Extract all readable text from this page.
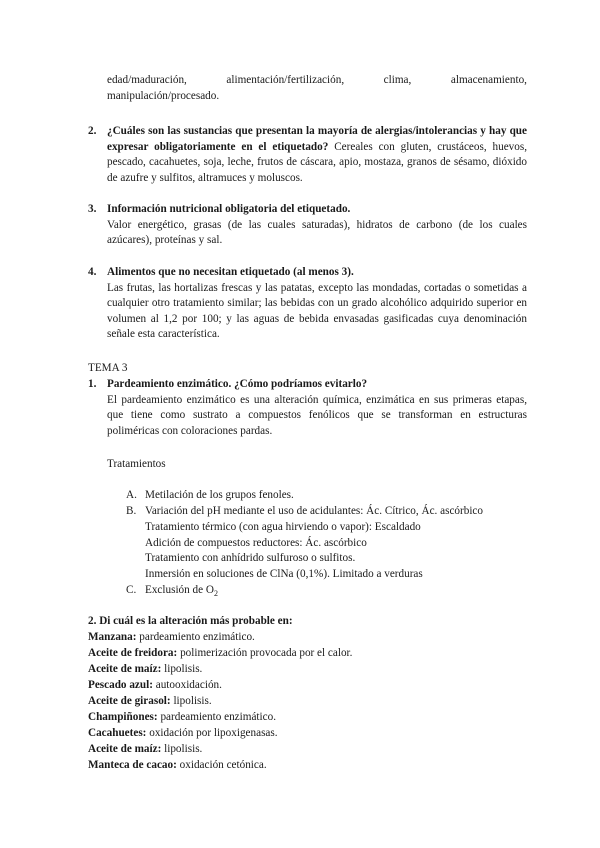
edad/maduración,	alimentación/fertilización,	clima,	almacenamiento,
manipulación/procesado.
2. ¿Cuáles son las sustancias que presentan la mayoría de alergias/intolerancias y hay que expresar obligatoriamente en el etiquetado? Cereales con gluten, crustáceos, huevos, pescado, cacahuetes, soja, leche, frutos de cáscara, apio, mostaza, granos de sésamo, dióxido de azufre y sulfitos, altramuces y moluscos.
3. Información nutricional obligatoria del etiquetado.
Valor energético, grasas (de las cuales saturadas), hidratos de carbono (de los cuales azúcares), proteínas y sal.
4. Alimentos que no necesitan etiquetado (al menos 3).
Las frutas, las hortalizas frescas y las patatas, excepto las mondadas, cortadas o sometidas a cualquier otro tratamiento similar; las bebidas con un grado alcohólico adquirido superior en volumen al 1,2 por 100; y las aguas de bebida envasadas gasificadas cuya denominación señale esta característica.
TEMA 3
1. Pardeamiento enzimático. ¿Cómo podríamos evitarlo?
El pardeamiento enzimático es una alteración química, enzimática en sus primeras etapas, que tiene como sustrato a compuestos fenólicos que se transforman en estructuras poliméricas con coloraciones pardas.
Tratamientos
A. Metilación de los grupos fenoles.
B. Variación del pH mediante el uso de acidulantes: Ác. Cítrico, Ác. ascórbico
Tratamiento térmico (con agua hirviendo o vapor): Escaldado
Adición de compuestos reductores: Ác. ascórbico
Tratamiento con anhídrido sulfuroso o sulfitos.
Inmersión en soluciones de ClNa (0,1%). Limitado a verduras
C. Exclusión de $O_2$
2. Di cuál es la alteración más probable en:
Manzana: pardeamiento enzimático.
Aceite de freidora: polimerización provocada por el calor.
Aceite de maíz: lipolisis.
Pescado azul: autooxidación.
Aceite de girasol: lipolisis.
Champiñones: pardeamiento enzimático.
Cacahuetes: oxidación por lipoxigenasas.
Aceite de maíz: lipolisis.
Manteca de cacao: oxidación cetónica.
